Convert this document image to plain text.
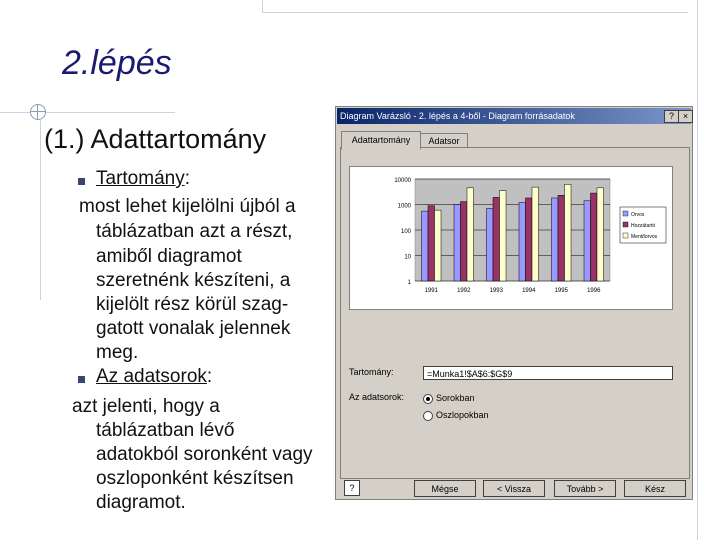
2.lépés
(1.) Adattartomány
Tartomány:
most lehet kijelölni újból a
táblázatban azt a részt,
amiből diagramot
szeretnénk készíteni, a
kijelölt rész körül szag-
gatott vonalak jelennek
meg.
Az adatsorok:
azt jelenti, hogy a
táblázatban lévő
adatokból soronként vagy
oszloponként készítsen
diagramot.
Diagram Varázsló - 2. lépés a 4-ből - Diagram forrásadatok	? ×
Adattartomány	Adatsor
10000
1000
100
10
1
1991	1992	1993	1994	1995	1996
Orvos
Hozzátartó
Mentőorvos
Tartomány:	=Munka1!$A$6:$G$9
Az adatsorok:	Sorokban
Oszlopokban
?	Mégse	< Vissza	Tovább >	Kész
